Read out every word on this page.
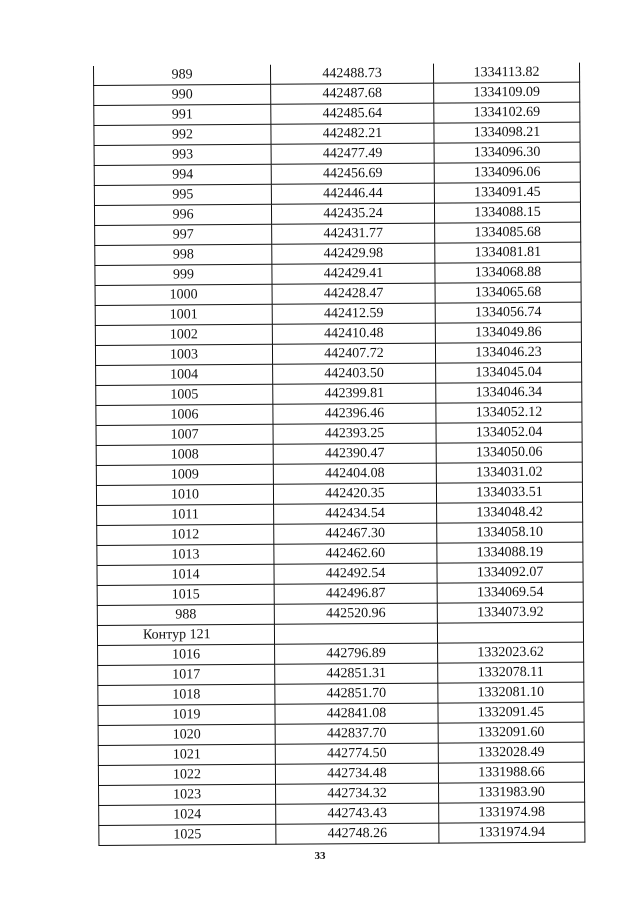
989	442488.73	1334113.82
990	442487.68	1334109.09
991	442485.64	1334102.69
992	442482.21	1334098.21
993	442477.49	1334096.30
994	442456.69	1334096.06
995	442446.44	1334091.45
996	442435.24	1334088.15
997	442431.77	1334085.68
998	442429.98	1334081.81
999	442429.41	1334068.88
1000	442428.47	1334065.68
1001	442412.59	1334056.74
1002	442410.48	1334049.86
1003	442407.72	1334046.23
1004	442403.50	1334045.04
1005	442399.81	1334046.34
1006	442396.46	1334052.12
1007	442393.25	1334052.04
1008	442390.47	1334050.06
1009	442404.08	1334031.02
1010	442420.35	1334033.51
1011	442434.54	1334048.42
1012	442467.30	1334058.10
1013	442462.60	1334088.19
1014	442492.54	1334092.07
1015	442496.87	1334069.54
988	442520.96	1334073.92
Контур 121		
1016	442796.89	1332023.62
1017	442851.31	1332078.11
1018	442851.70	1332081.10
1019	442841.08	1332091.45
1020	442837.70	1332091.60
1021	442774.50	1332028.49
1022	442734.48	1331988.66
1023	442734.32	1331983.90
1024	442743.43	1331974.98
1025	442748.26	1331974.94
33
